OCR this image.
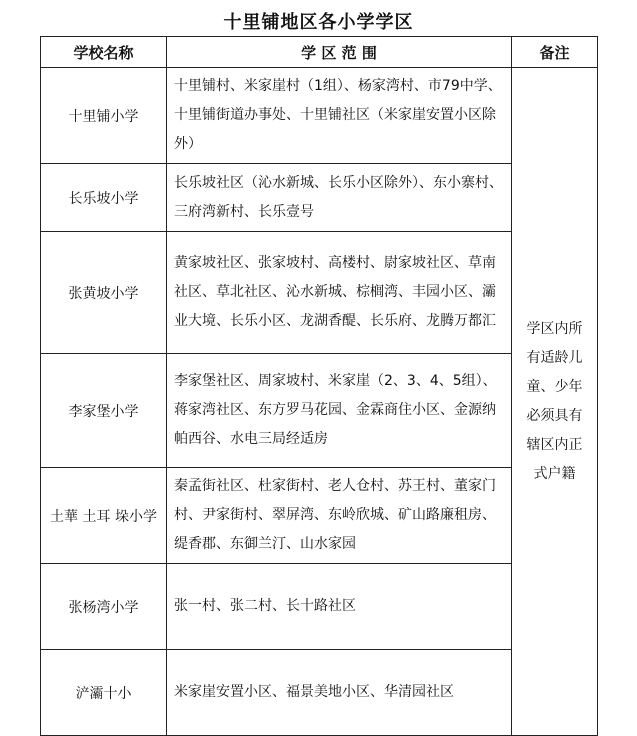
十里铺地区各小学学区
学校名称	学 区 范 围	备注
十里铺小学	十里铺村、米家崖村（1组）、杨家湾村、市79中学、十里铺街道办事处、十里铺社区（米家崖安置小区除外）	学区内所有适龄儿童、少年必须具有辖区内正式户籍
长乐坡小学	长乐坡社区（沁水新城、长乐小区除外）、东小寨村、三府湾新村、长乐壹号	
张黄坡小学	黄家坡社区、张家坡村、高楼村、尉家坡社区、草南社区、草北社区、沁水新城、棕榈湾、丰园小区、灞业大境、长乐小区、龙湖香醍、长乐府、龙腾万都汇	
李家堡小学	李家堡社区、周家坡村、米家崖（2、3、4、5组）、蒋家湾社区、东方罗马花园、金霖商住小区、金源纳帕西谷、水电三局经适房	
土華 土耳 垛小学	秦孟街社区、杜家街村、老人仓村、苏王村、董家门村、尹家街村、翠屏湾、东岭欣城、矿山路廉租房、缇香郡、东御兰汀、山水家园	
张杨湾小学	张一村、张二村、长十路社区	
浐灞十小	米家崖安置小区、福景美地小区、华清园社区	
